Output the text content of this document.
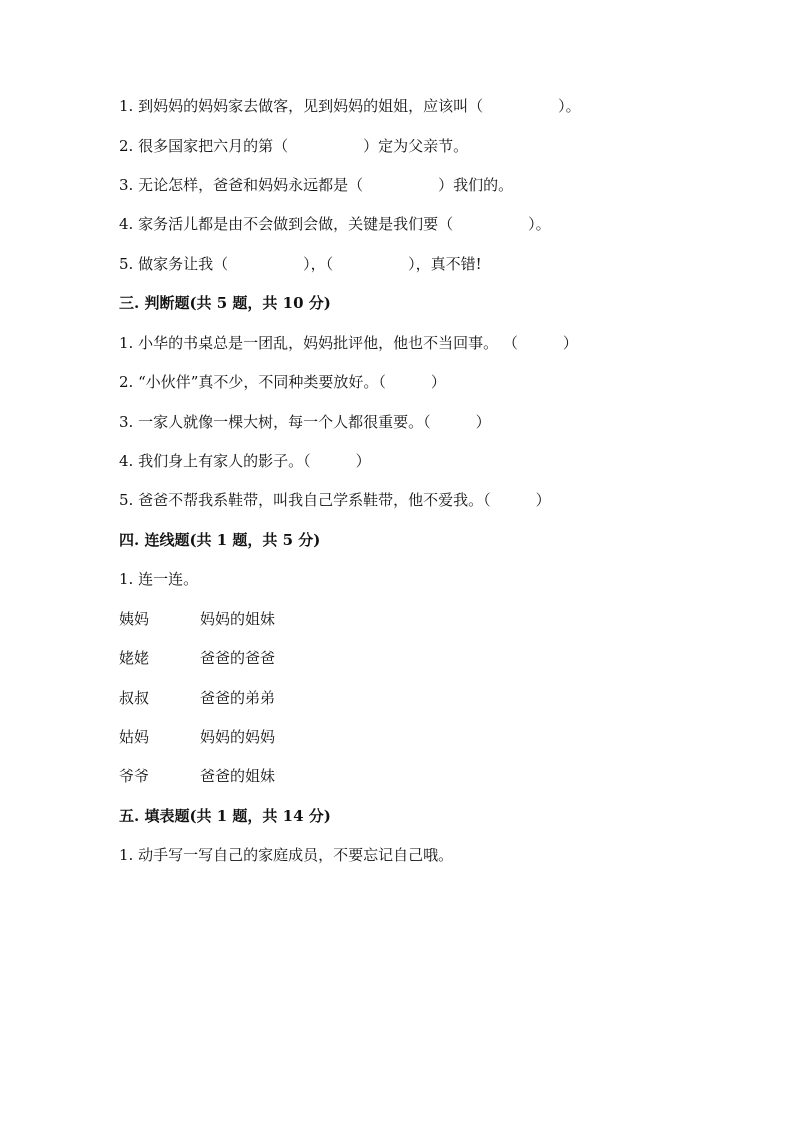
1. 到妈妈的妈妈家去做客，见到妈妈的姐姐，应该叫（　　　　　）。
2. 很多国家把六月的第（　　　　　）定为父亲节。
3. 无论怎样，爸爸和妈妈永远都是（　　　　　）我们的。
4. 家务活儿都是由不会做到会做，关键是我们要（　　　　　）。
5. 做家务让我（　　　　　），（　　　　　），真不错!
三. 判断题(共 5 题，共 10 分)
1. 小华的书桌总是一团乱，妈妈批评他，他也不当回事。 （　　　）
2. “小伙伴”真不少，不同种类要放好。（　　　）
3. 一家人就像一棵大树，每一个人都很重要。（　　　）
4. 我们身上有家人的影子。（　　　）
5. 爸爸不帮我系鞋带，叫我自己学系鞋带，他不爱我。（　　　）
四. 连线题(共 1 题，共 5 分)
1. 连一连。
姨妈	妈妈的姐妹
姥姥	爸爸的爸爸
叔叔	爸爸的弟弟
姑妈	妈妈的妈妈
爷爷	爸爸的姐妹
五. 填表题(共 1 题，共 14 分)
1. 动手写一写自己的家庭成员，不要忘记自己哦。
